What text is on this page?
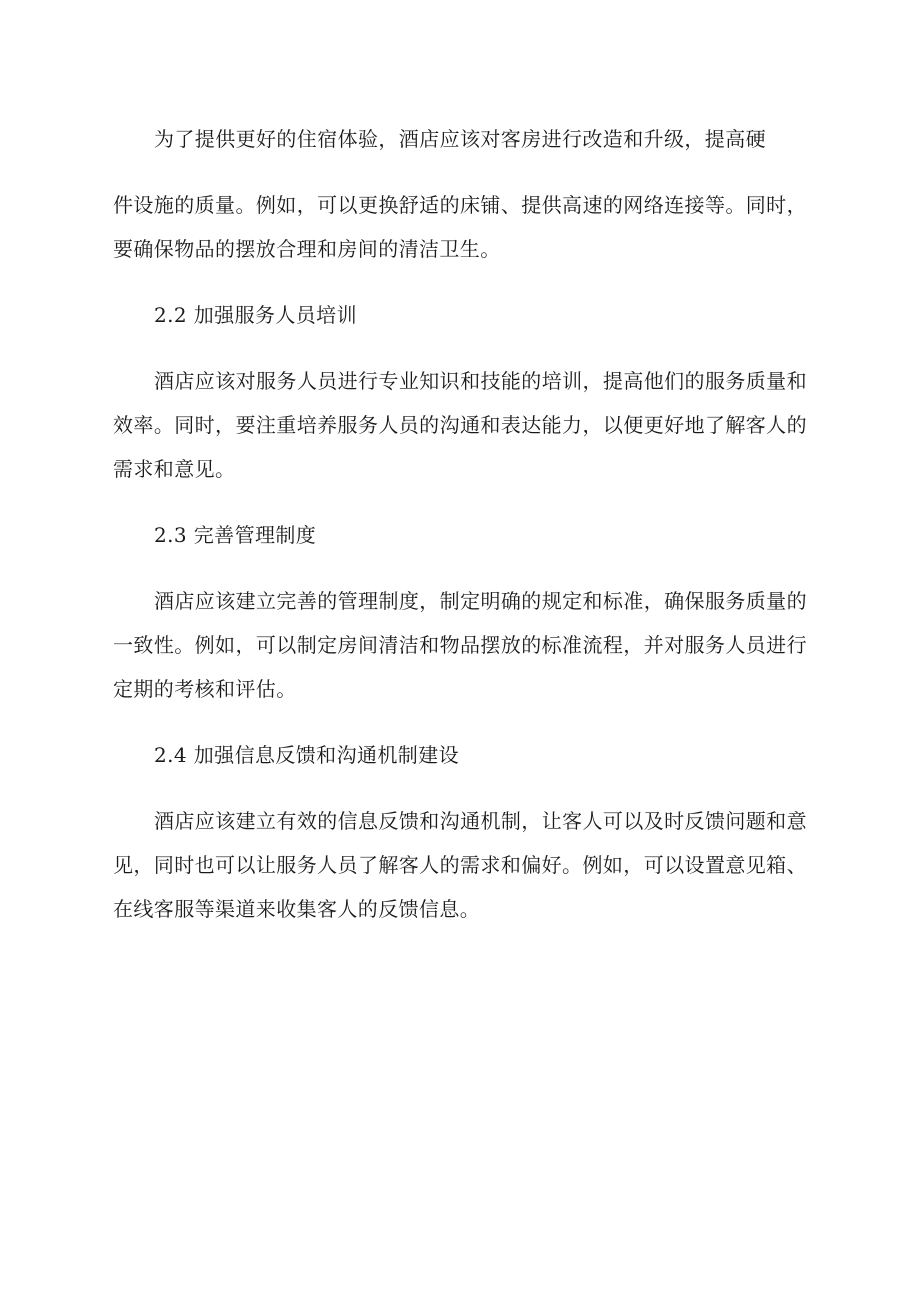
为了提供更好的住宿体验，酒店应该对客房进行改造和升级，提高硬
件设施的质量。例如，可以更换舒适的床铺、提供高速的网络连接等。同时，要确保物品的摆放合理和房间的清洁卫生。

2.2 加强服务人员培训

酒店应该对服务人员进行专业知识和技能的培训，提高他们的服务质量和效率。同时，要注重培养服务人员的沟通和表达能力，以便更好地了解客人的需求和意见。

2.3 完善管理制度

酒店应该建立完善的管理制度，制定明确的规定和标准，确保服务质量的一致性。例如，可以制定房间清洁和物品摆放的标准流程，并对服务人员进行定期的考核和评估。

2.4 加强信息反馈和沟通机制建设

酒店应该建立有效的信息反馈和沟通机制，让客人可以及时反馈问题和意见，同时也可以让服务人员了解客人的需求和偏好。例如，可以设置意见箱、在线客服等渠道来收集客人的反馈信息。
